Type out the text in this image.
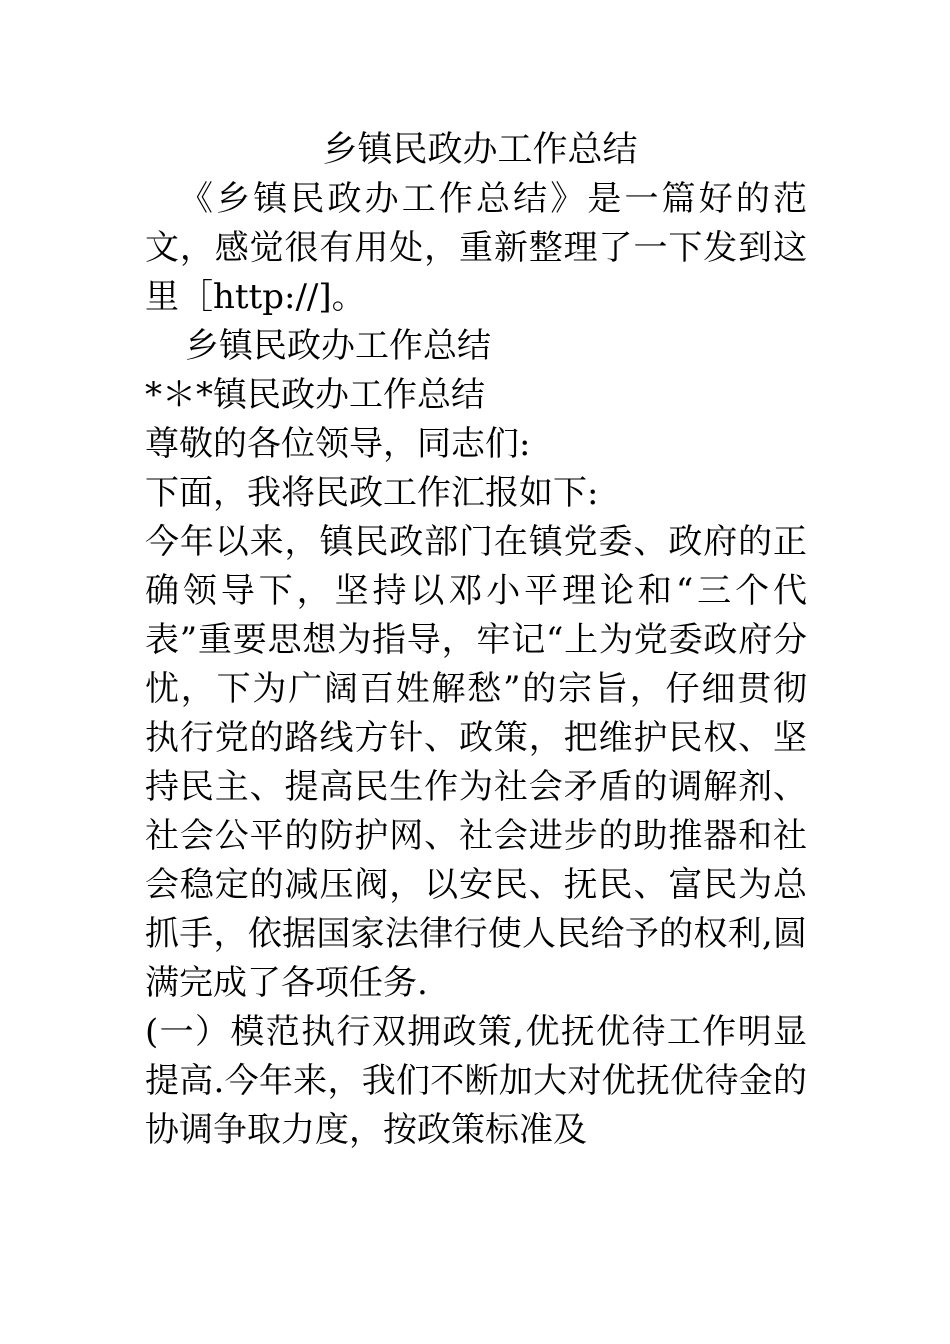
乡镇民政办工作总结

《乡镇民政办工作总结》是一篇好的范文，感觉很有用处，重新整理了一下发到这里［http://]。

乡镇民政办工作总结

*＊*镇民政办工作总结

尊敬的各位领导，同志们:

下面，我将民政工作汇报如下:

今年以来，镇民政部门在镇党委、政府的正确领导下，坚持以邓小平理论和“三个代表”重要思想为指导，牢记“上为党委政府分忧，下为广阔百姓解愁”的宗旨，仔细贯彻执行党的路线方针、政策，把维护民权、坚持民主、提高民生作为社会矛盾的调解剂、社会公平的防护网、社会进步的助推器和社会稳定的减压阀，以安民、抚民、富民为总抓手，依据国家法律行使人民给予的权利,圆满完成了各项任务.

(一）模范执行双拥政策,优抚优待工作明显提高.今年来，我们不断加大对优抚优待金的协调争取力度，按政策标准及
